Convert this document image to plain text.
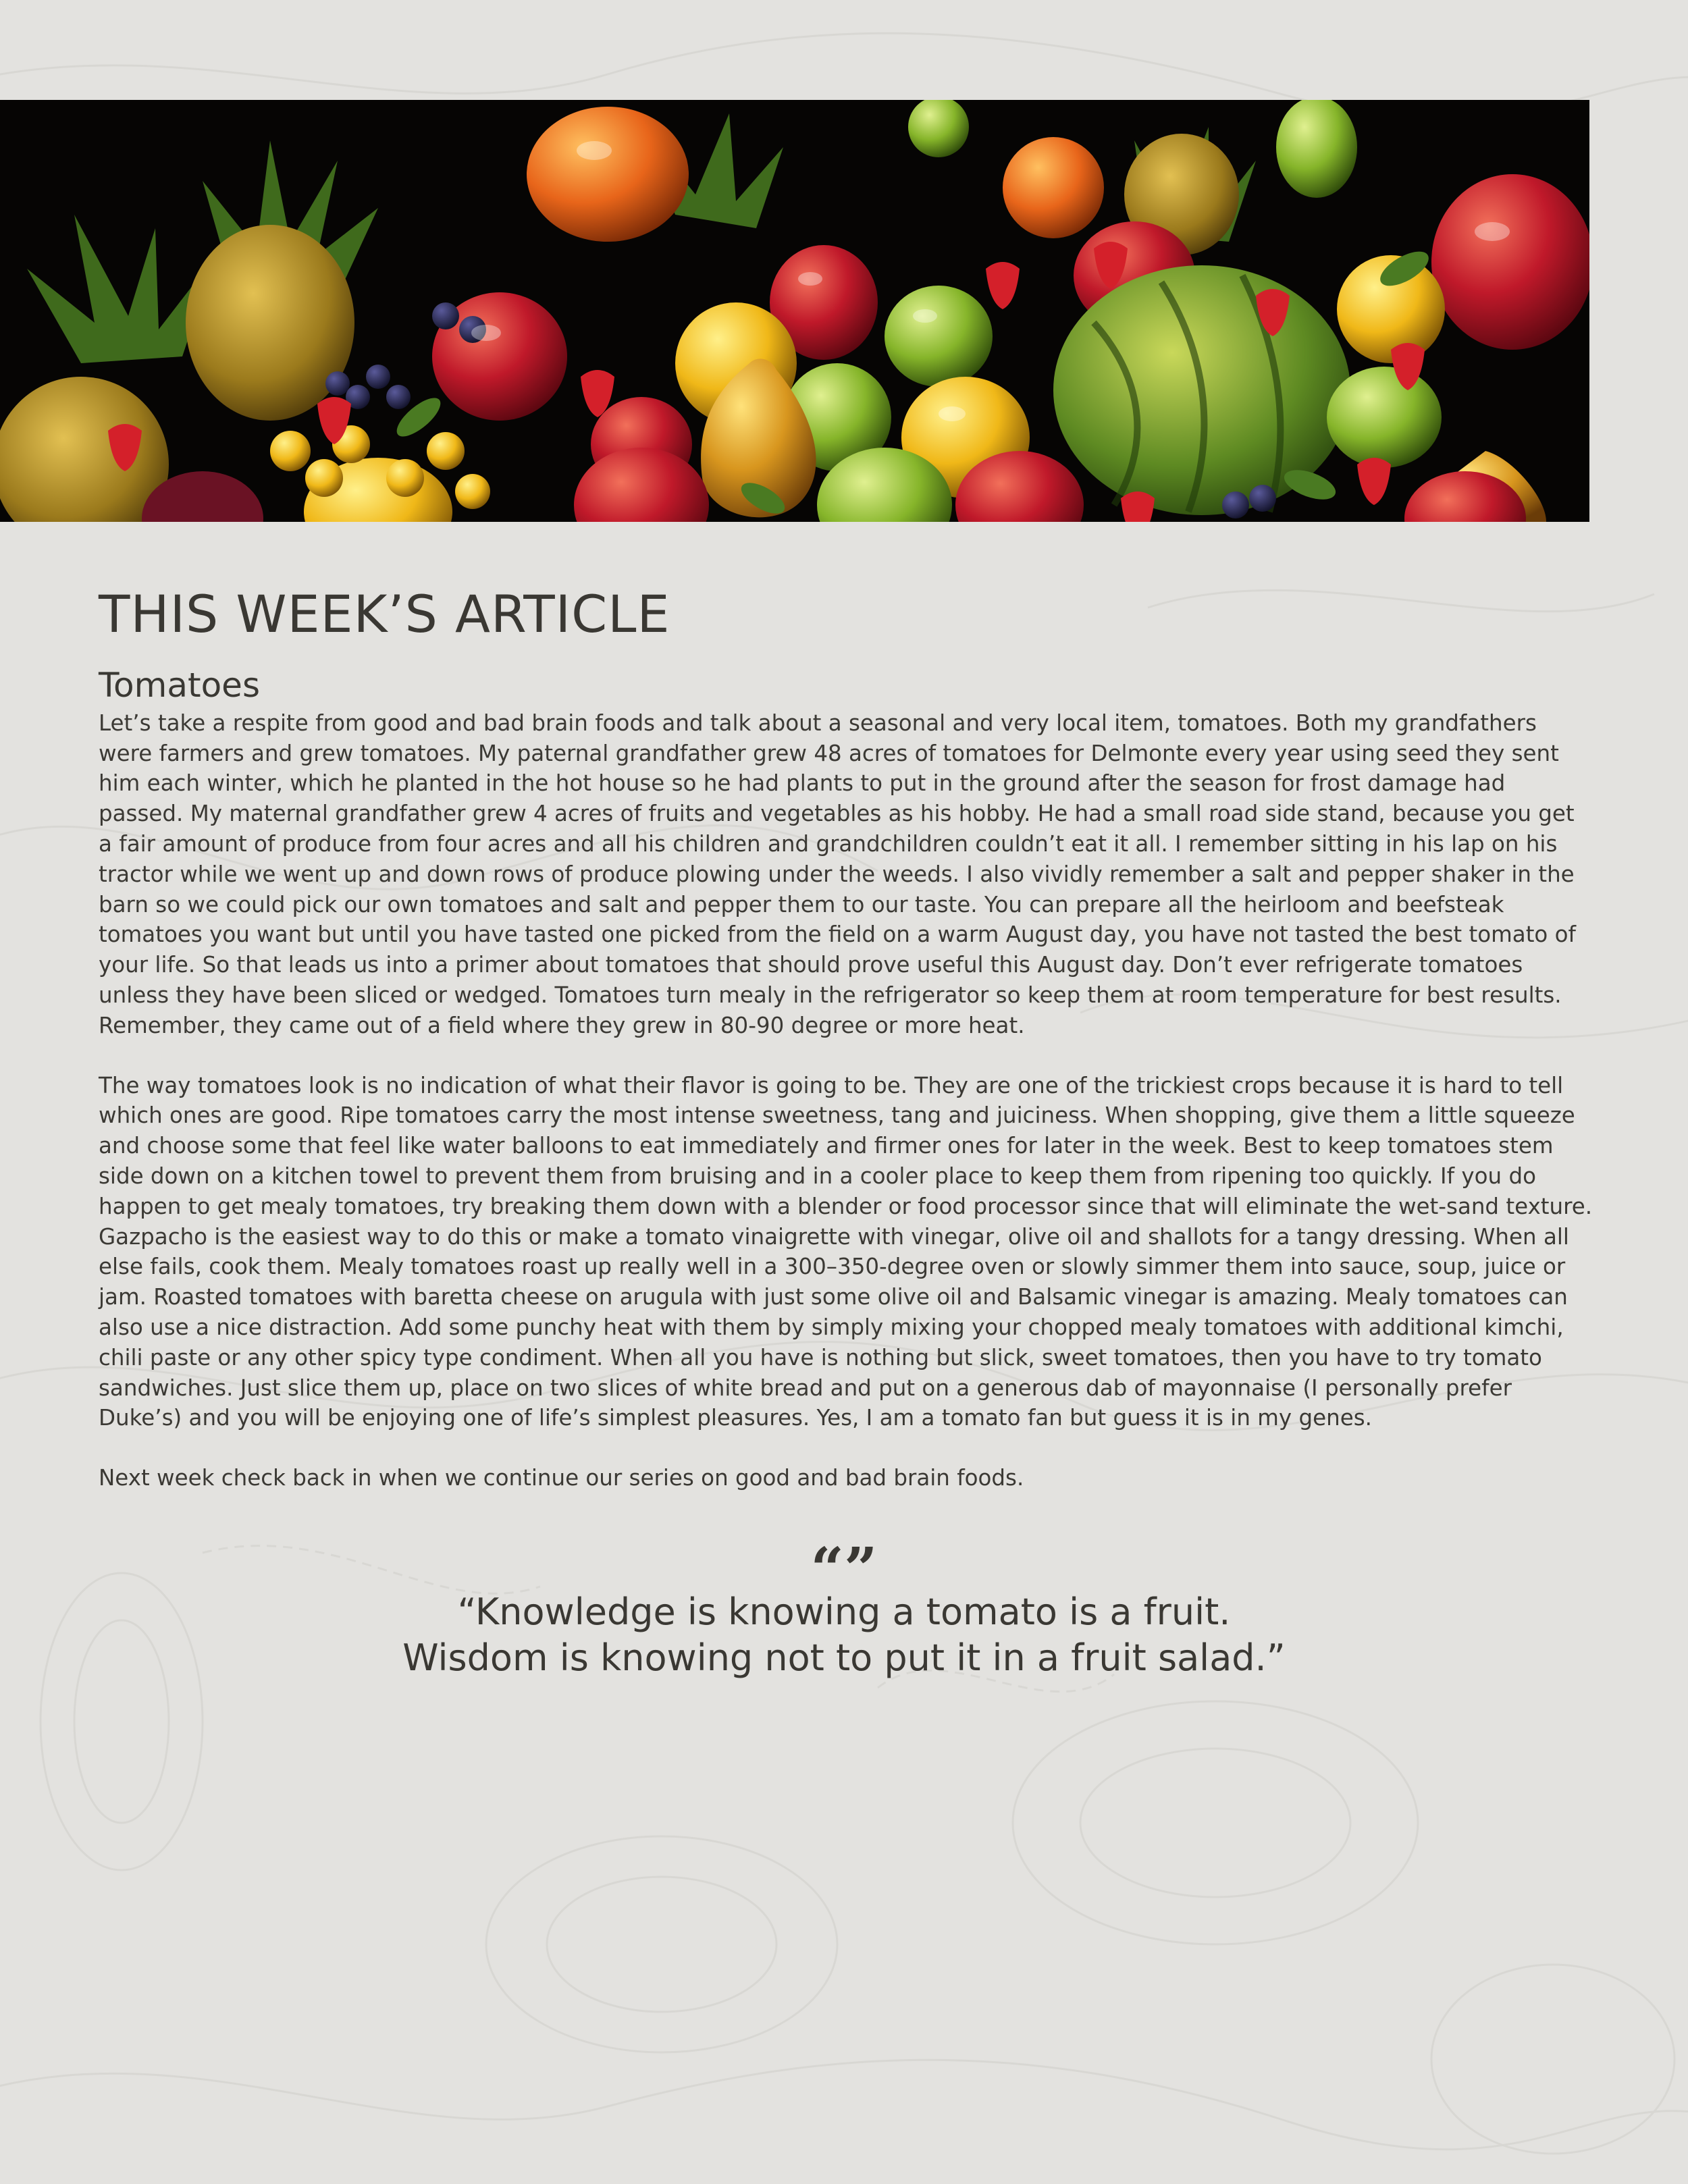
THIS WEEK’S ARTICLE
Tomatoes

Let’s take a respite from good and bad brain foods and talk about a seasonal and very local item, tomatoes. Both my grandfathers were farmers and grew tomatoes. My paternal grandfather grew 48 acres of tomatoes for Delmonte every year using seed they sent him each winter, which he planted in the hot house so he had plants to put in the ground after the season for frost damage had passed. My maternal grandfather grew 4 acres of fruits and vegetables as his hobby. He had a small road side stand, because you get a fair amount of produce from four acres and all his children and grandchildren couldn’t eat it all. I remember sitting in his lap on his tractor while we went up and down rows of produce plowing under the weeds. I also vividly remember a salt and pepper shaker in the barn so we could pick our own tomatoes and salt and pepper them to our taste. You can prepare all the heirloom and beefsteak tomatoes you want but until you have tasted one picked from the field on a warm August day, you have not tasted the best tomato of your life. So that leads us into a primer about tomatoes that should prove useful this August day. Don’t ever refrigerate tomatoes unless they have been sliced or wedged. Tomatoes turn mealy in the refrigerator so keep them at room temperature for best results. Remember, they came out of a field where they grew in 80-90 degree or more heat.

The way tomatoes look is no indication of what their flavor is going to be. They are one of the trickiest crops because it is hard to tell which ones are good. Ripe tomatoes carry the most intense sweetness, tang and juiciness. When shopping, give them a little squeeze and choose some that feel like water balloons to eat immediately and firmer ones for later in the week. Best to keep tomatoes stem side down on a kitchen towel to prevent them from bruising and in a cooler place to keep them from ripening too quickly. If you do happen to get mealy tomatoes, try breaking them down with a blender or food processor since that will eliminate the wet-sand texture. Gazpacho is the easiest way to do this or make a tomato vinaigrette with vinegar, olive oil and shallots for a tangy dressing. When all else fails, cook them. Mealy tomatoes roast up really well in a 300–350-degree oven or slowly simmer them into sauce, soup, juice or jam. Roasted tomatoes with baretta cheese on arugula with just some olive oil and Balsamic vinegar is amazing. Mealy tomatoes can also use a nice distraction. Add some punchy heat with them by simply mixing your chopped mealy tomatoes with additional kimchi, chili paste or any other spicy type condiment. When all you have is nothing but slick, sweet tomatoes, then you have to try tomato sandwiches. Just slice them up, place on two slices of white bread and put on a generous dab of mayonnaise (I personally prefer Duke’s) and you will be enjoying one of life’s simplest pleasures. Yes, I am a tomato fan but guess it is in my genes.

Next week check back in when we continue our series on good and bad brain foods.

“”
“Knowledge is knowing a tomato is a fruit.
Wisdom is knowing not to put it in a fruit salad.”
